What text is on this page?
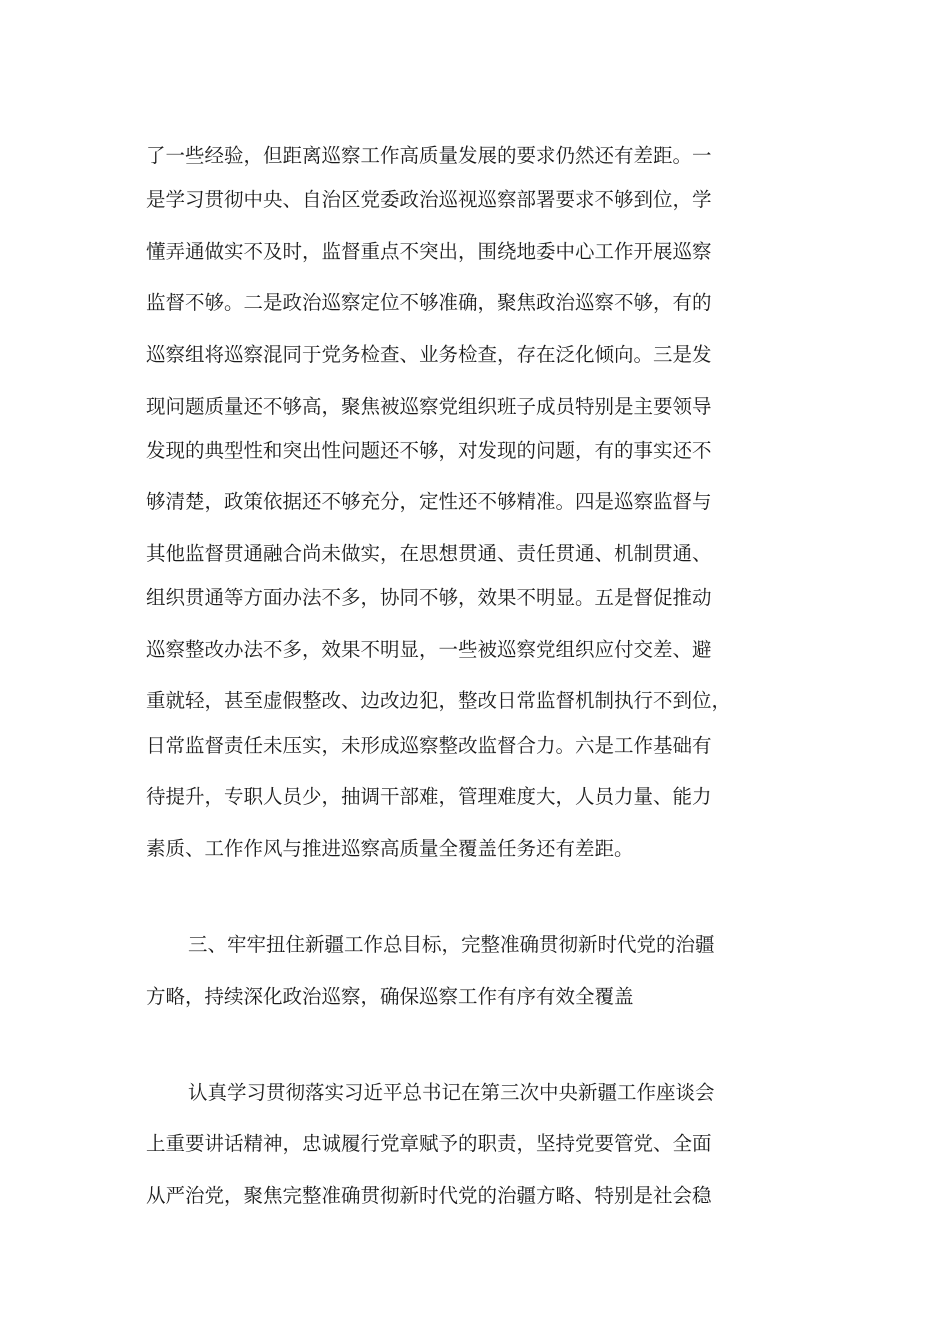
了一些经验，但距离巡察工作高质量发展的要求仍然还有差距。一
是学习贯彻中央、自治区党委政治巡视巡察部署要求不够到位，学
懂弄通做实不及时，监督重点不突出，围绕地委中心工作开展巡察
监督不够。二是政治巡察定位不够准确，聚焦政治巡察不够，有的
巡察组将巡察混同于党务检查、业务检查，存在泛化倾向。三是发
现问题质量还不够高，聚焦被巡察党组织班子成员特别是主要领导
发现的典型性和突出性问题还不够，对发现的问题，有的事实还不
够清楚，政策依据还不够充分，定性还不够精准。四是巡察监督与
其他监督贯通融合尚未做实，在思想贯通、责任贯通、机制贯通、
组织贯通等方面办法不多，协同不够，效果不明显。五是督促推动
巡察整改办法不多，效果不明显，一些被巡察党组织应付交差、避
重就轻，甚至虚假整改、边改边犯，整改日常监督机制执行不到位，
日常监督责任未压实，未形成巡察整改监督合力。六是工作基础有
待提升，专职人员少，抽调干部难，管理难度大，人员力量、能力
素质、工作作风与推进巡察高质量全覆盖任务还有差距。
三、牢牢扭住新疆工作总目标，完整准确贯彻新时代党的治疆
方略，持续深化政治巡察，确保巡察工作有序有效全覆盖
认真学习贯彻落实习近平总书记在第三次中央新疆工作座谈会
上重要讲话精神，忠诚履行党章赋予的职责，坚持党要管党、全面
从严治党，聚焦完整准确贯彻新时代党的治疆方略、特别是社会稳
